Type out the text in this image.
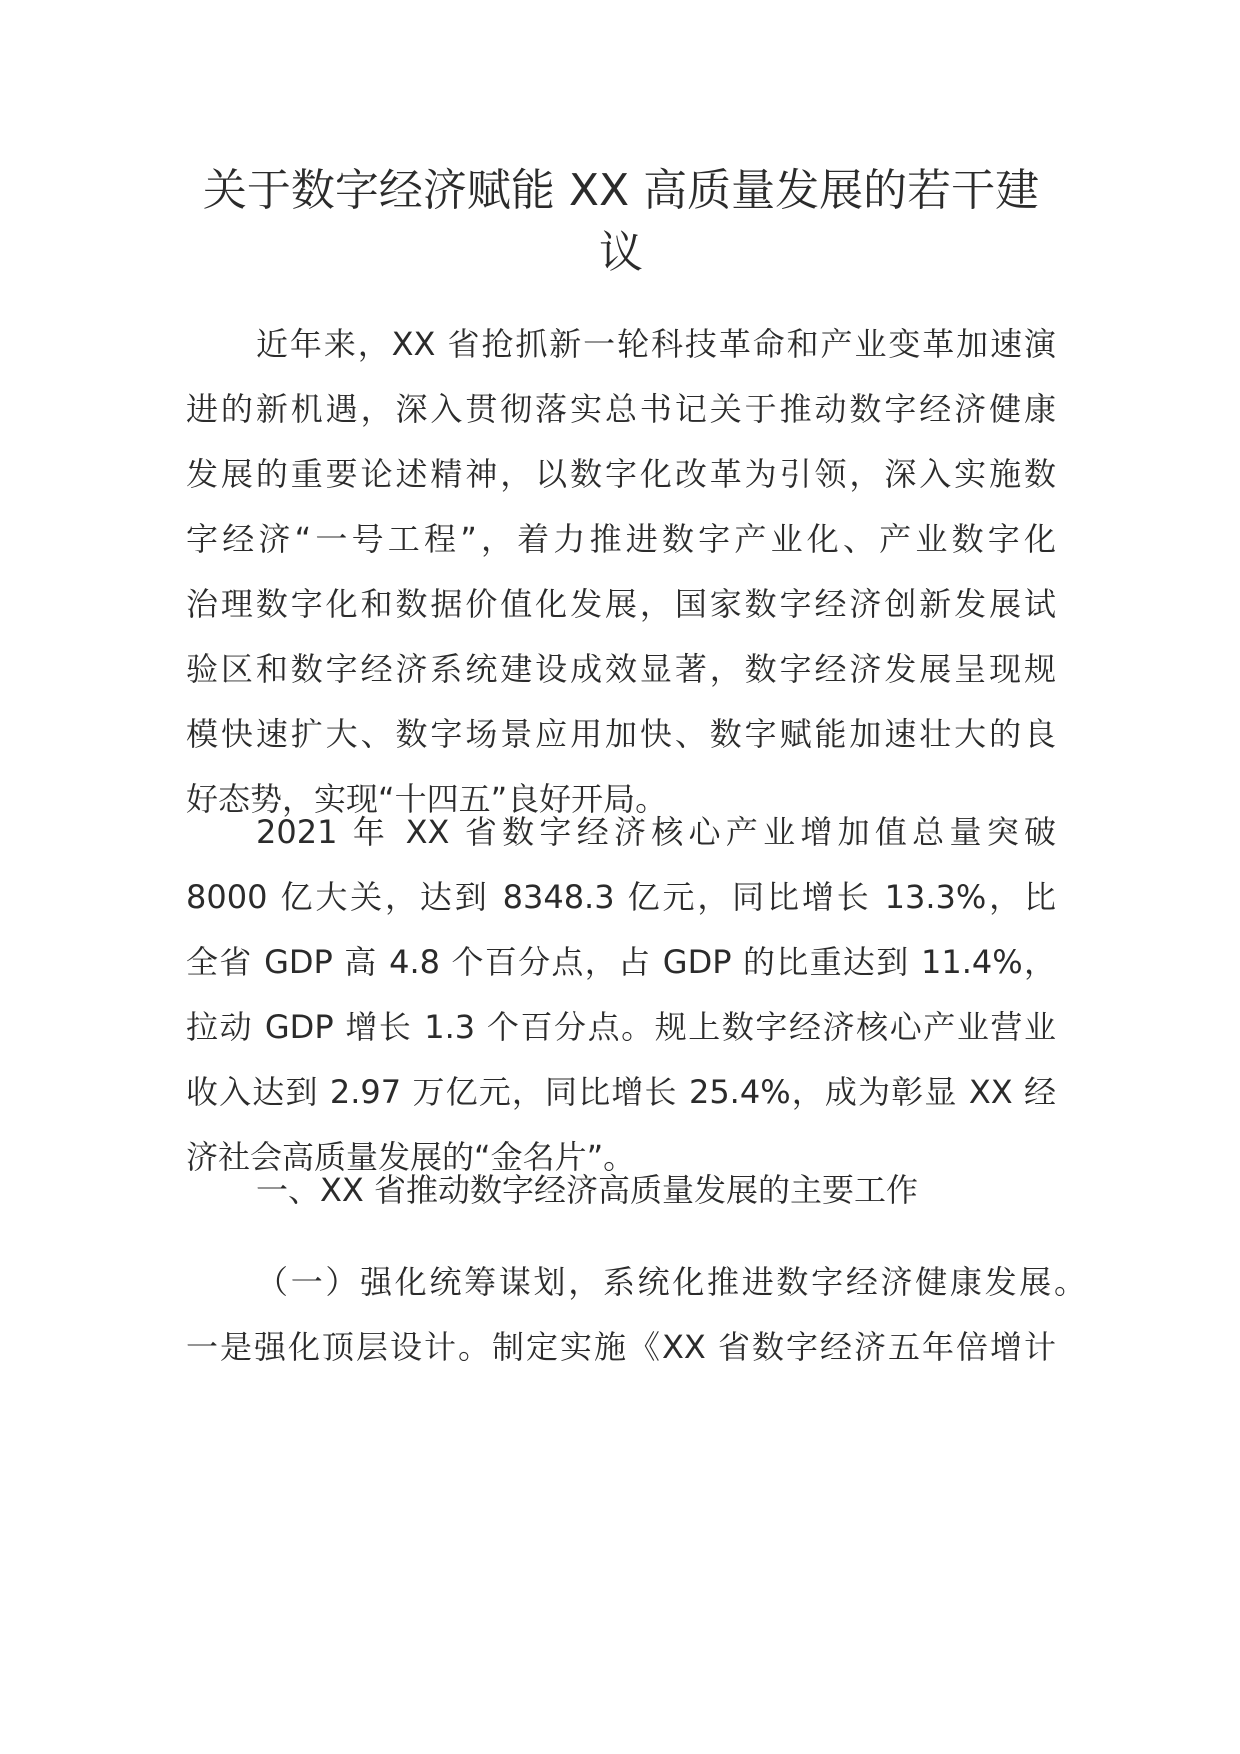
关于数字经济赋能 XX 高质量发展的若干建
议
近年来，XX 省抢抓新一轮科技革命和产业变革加速演
进的新机遇，深入贯彻落实总书记关于推动数字经济健康
发展的重要论述精神，以数字化改革为引领，深入实施数
字经济“一号工程”，着力推进数字产业化、产业数字化
治理数字化和数据价值化发展，国家数字经济创新发展试
验区和数字经济系统建设成效显著，数字经济发展呈现规
模快速扩大、数字场景应用加快、数字赋能加速壮大的良
好态势，实现“十四五”良好开局。
2021 年 XX 省数字经济核心产业增加值总量突破
8000 亿大关，达到 8348.3 亿元，同比增长 13.3%，比
全省 GDP 高 4.8 个百分点，占 GDP 的比重达到 11.4%，
拉动 GDP 增长 1.3 个百分点。规上数字经济核心产业营业
收入达到 2.97 万亿元，同比增长 25.4%，成为彰显 XX 经
济社会高质量发展的“金名片”。
一、XX 省推动数字经济高质量发展的主要工作
（一）强化统筹谋划，系统化推进数字经济健康发展。
一是强化顶层设计。制定实施《XX 省数字经济五年倍增计
